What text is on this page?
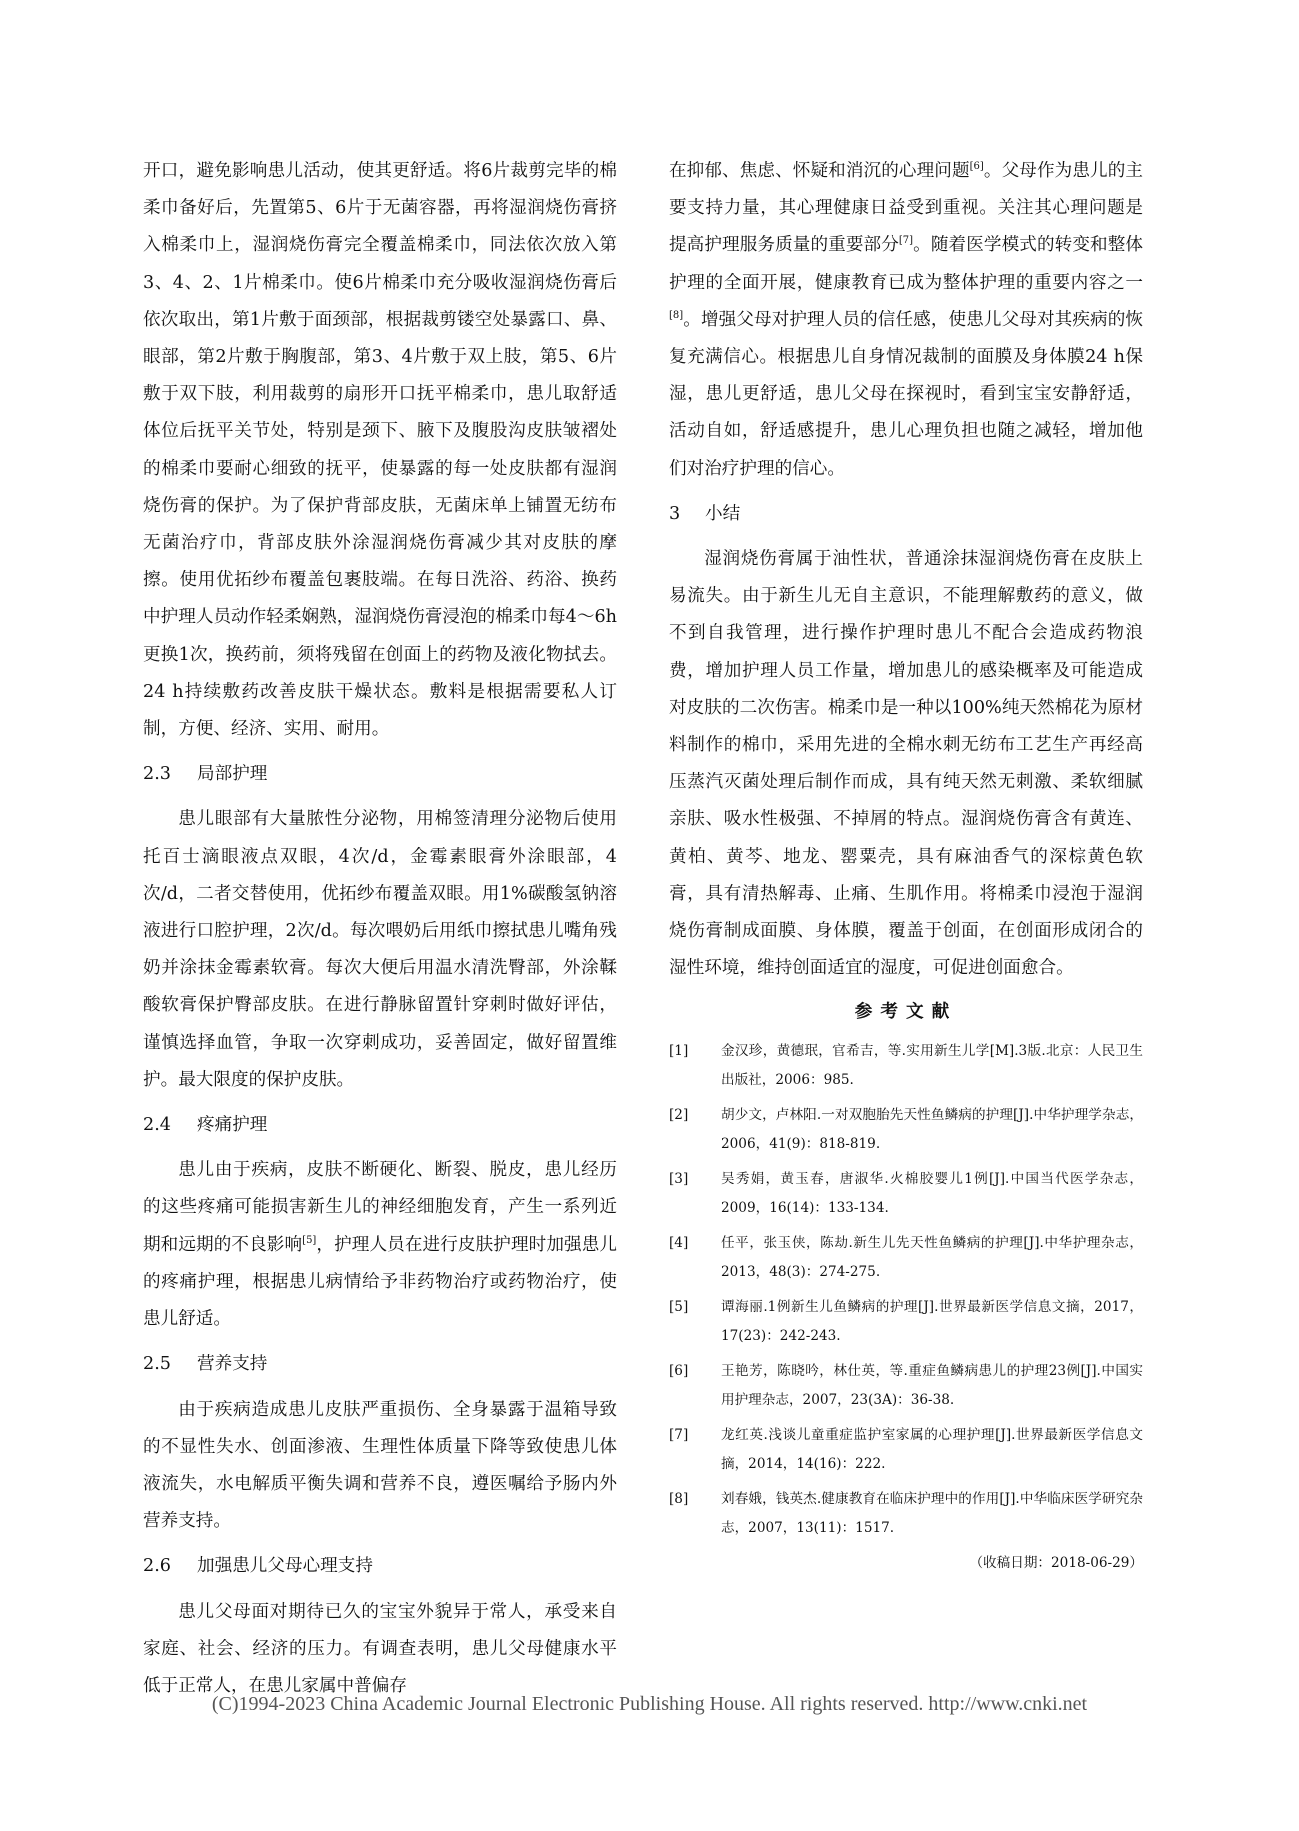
开口，避免影响患儿活动，使其更舒适。将6片裁剪完毕的棉柔巾备好后，先置第5、6片于无菌容器，再将湿润烧伤膏挤入棉柔巾上，湿润烧伤膏完全覆盖棉柔巾，同法依次放入第3、4、2、1片棉柔巾。使6片棉柔巾充分吸收湿润烧伤膏后依次取出，第1片敷于面颈部，根据裁剪镂空处暴露口、鼻、眼部，第2片敷于胸腹部，第3、4片敷于双上肢，第5、6片敷于双下肢，利用裁剪的扇形开口抚平棉柔巾，患儿取舒适体位后抚平关节处，特别是颈下、腋下及腹股沟皮肤皱褶处的棉柔巾要耐心细致的抚平，使暴露的每一处皮肤都有湿润烧伤膏的保护。为了保护背部皮肤，无菌床单上铺置无纺布无菌治疗巾，背部皮肤外涂湿润烧伤膏减少其对皮肤的摩擦。使用优拓纱布覆盖包裹肢端。在每日洗浴、药浴、换药中护理人员动作轻柔娴熟，湿润烧伤膏浸泡的棉柔巾每4～6h更换1次，换药前，须将残留在创面上的药物及液化物拭去。24 h持续敷药改善皮肤干燥状态。敷料是根据需要私人订制，方便、经济、实用、耐用。

2.3 局部护理

患儿眼部有大量脓性分泌物，用棉签清理分泌物后使用托百士滴眼液点双眼，4次/d，金霉素眼膏外涂眼部，4次/d，二者交替使用，优拓纱布覆盖双眼。用1%碳酸氢钠溶液进行口腔护理，2次/d。每次喂奶后用纸巾擦拭患儿嘴角残奶并涂抹金霉素软膏。每次大便后用温水清洗臀部，外涂鞣酸软膏保护臀部皮肤。在进行静脉留置针穿刺时做好评估，谨慎选择血管，争取一次穿刺成功，妥善固定，做好留置维护。最大限度的保护皮肤。

2.4 疼痛护理

患儿由于疾病，皮肤不断硬化、断裂、脱皮，患儿经历的这些疼痛可能损害新生儿的神经细胞发育，产生一系列近期和远期的不良影响[5]，护理人员在进行皮肤护理时加强患儿的疼痛护理，根据患儿病情给予非药物治疗或药物治疗，使患儿舒适。

2.5 营养支持

由于疾病造成患儿皮肤严重损伤、全身暴露于温箱导致的不显性失水、创面渗液、生理性体质量下降等致使患儿体液流失，水电解质平衡失调和营养不良，遵医嘱给予肠内外营养支持。

2.6 加强患儿父母心理支持

患儿父母面对期待已久的宝宝外貌异于常人，承受来自家庭、社会、经济的压力。有调查表明，患儿父母健康水平低于正常人，在患儿家属中普偏存

在抑郁、焦虑、怀疑和消沉的心理问题[6]。父母作为患儿的主要支持力量，其心理健康日益受到重视。关注其心理问题是提高护理服务质量的重要部分[7]。随着医学模式的转变和整体护理的全面开展，健康教育已成为整体护理的重要内容之一[8]。增强父母对护理人员的信任感，使患儿父母对其疾病的恢复充满信心。根据患儿自身情况裁制的面膜及身体膜24 h保湿，患儿更舒适，患儿父母在探视时，看到宝宝安静舒适，活动自如，舒适感提升，患儿心理负担也随之减轻，增加他们对治疗护理的信心。

3 小结

湿润烧伤膏属于油性状，普通涂抹湿润烧伤膏在皮肤上易流失。由于新生儿无自主意识，不能理解敷药的意义，做不到自我管理，进行操作护理时患儿不配合会造成药物浪费，增加护理人员工作量，增加患儿的感染概率及可能造成对皮肤的二次伤害。棉柔巾是一种以100%纯天然棉花为原材料制作的棉巾，采用先进的全棉水刺无纺布工艺生产再经高压蒸汽灭菌处理后制作而成，具有纯天然无刺激、柔软细腻亲肤、吸水性极强、不掉屑的特点。湿润烧伤膏含有黄连、黄柏、黄芩、地龙、罂粟壳，具有麻油香气的深棕黄色软膏，具有清热解毒、止痛、生肌作用。将棉柔巾浸泡于湿润烧伤膏制成面膜、身体膜，覆盖于创面，在创面形成闭合的湿性环境，维持创面适宜的湿度，可促进创面愈合。

参考文献
[1] 金汉珍，黄德珉，官希吉，等.实用新生儿学[M].3版.北京：人民卫生出版社，2006：985.
[2] 胡少文，卢林阳.一对双胞胎先天性鱼鳞病的护理[J].中华护理学杂志，2006，41(9)：818-819.
[3] 吴秀娟，黄玉春，唐淑华.火棉胶婴儿1例[J].中国当代医学杂志，2009，16(14)：133-134.
[4] 任平，张玉侠，陈劫.新生儿先天性鱼鳞病的护理[J].中华护理杂志，2013，48(3)：274-275.
[5] 谭海丽.1例新生儿鱼鳞病的护理[J].世界最新医学信息文摘，2017，17(23)：242-243.
[6] 王艳芳，陈晓吟，林仕英，等.重症鱼鳞病患儿的护理23例[J].中国实用护理杂志，2007，23(3A)：36-38.
[7] 龙红英.浅谈儿童重症监护室家属的心理护理[J].世界最新医学信息文摘，2014，14(16)：222.
[8] 刘春娥，钱英杰.健康教育在临床护理中的作用[J].中华临床医学研究杂志，2007，13(11)：1517.
（收稿日期：2018-06-29）
(C)1994-2023 China Academic Journal Electronic Publishing House. All rights reserved. http://www.cnki.net
